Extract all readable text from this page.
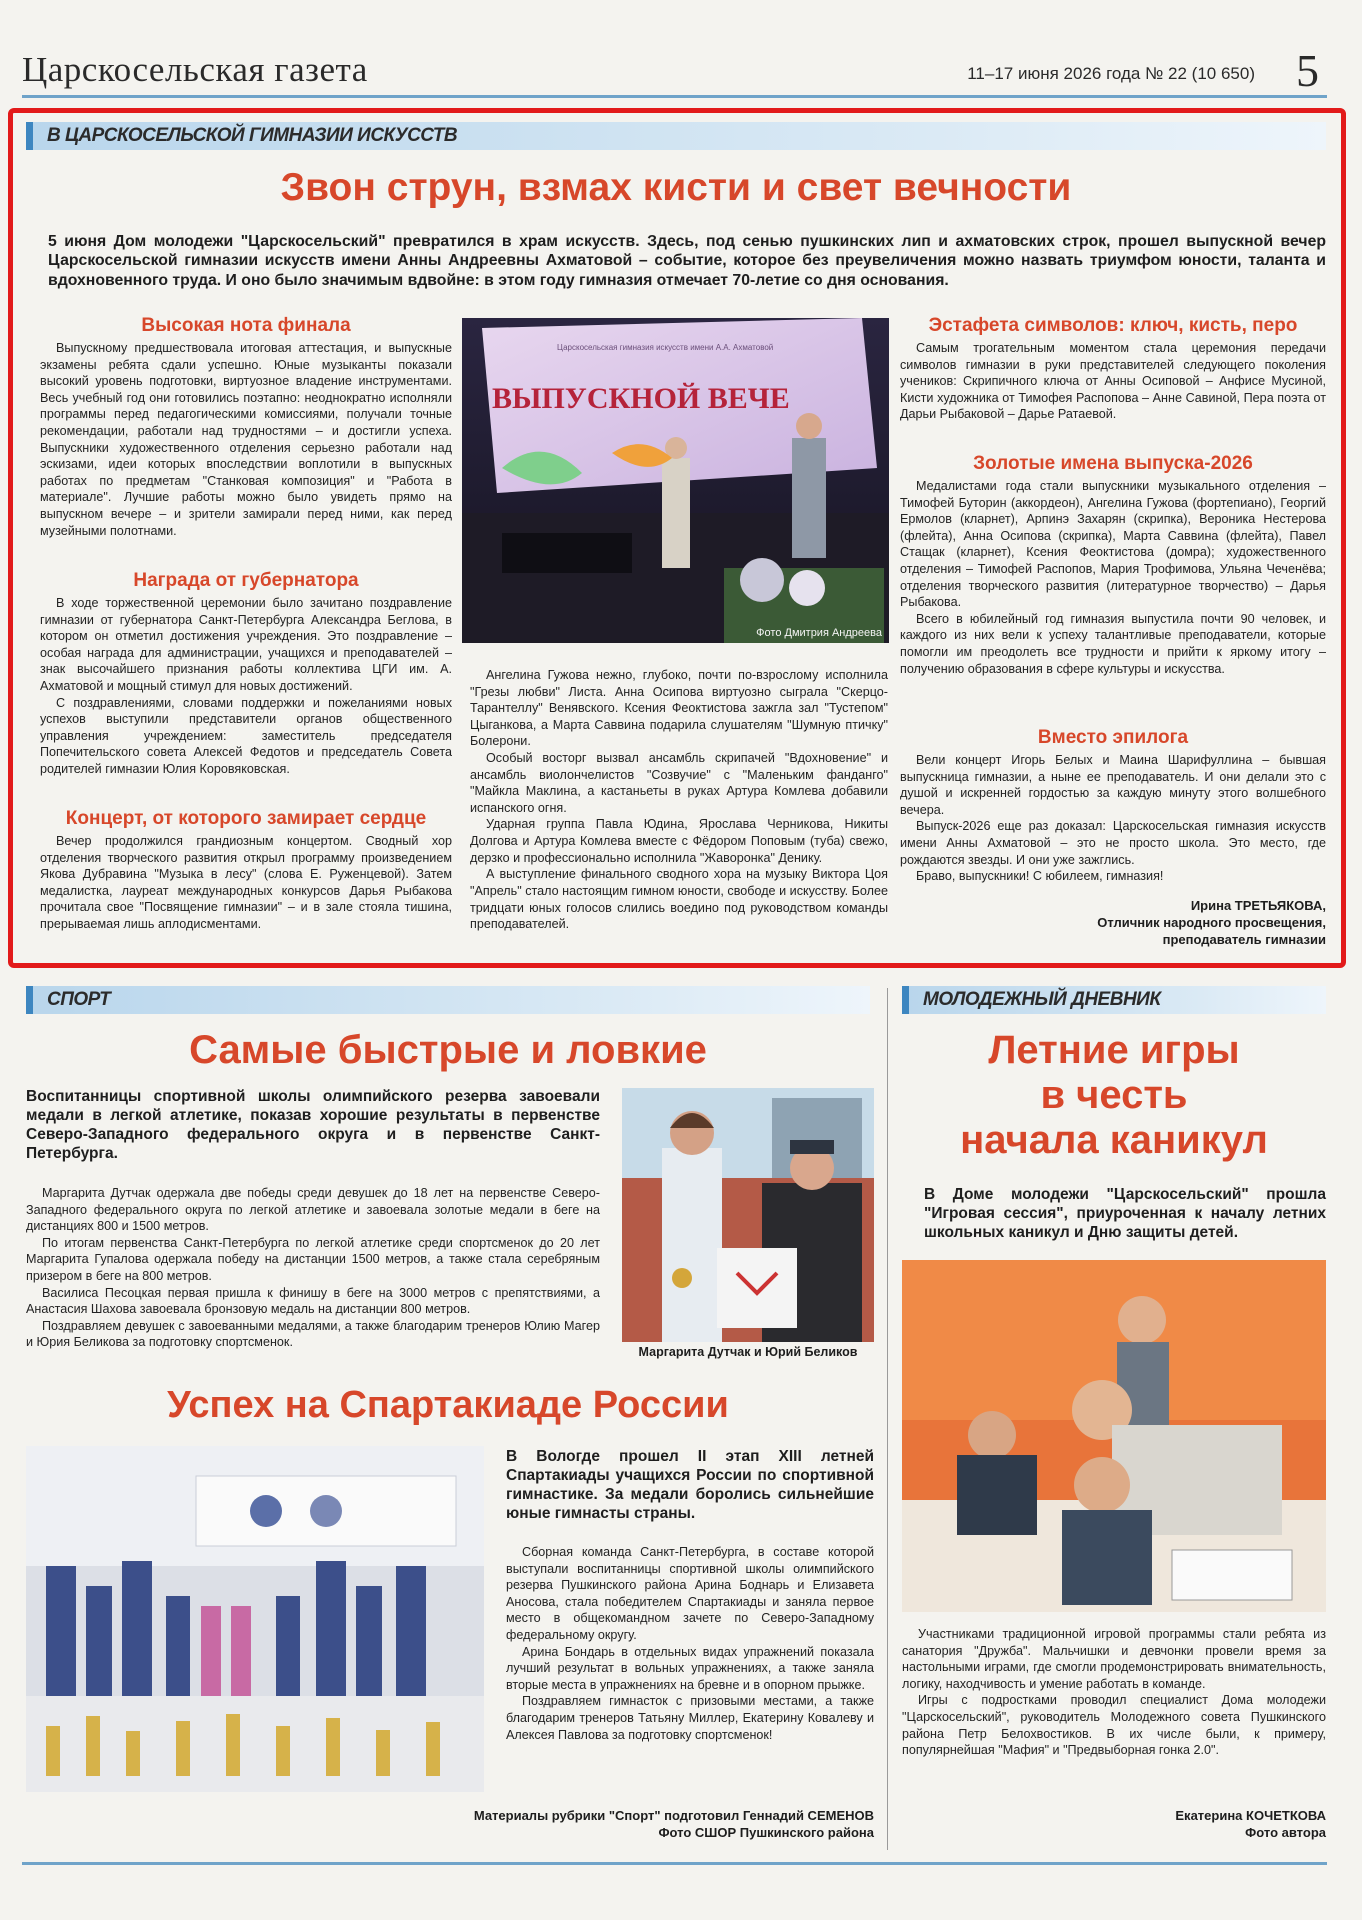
Царскосельская газета	11–17 июня 2026 года № 22 (10 650) 5
В ЦАРСКОСЕЛЬСКОЙ ГИМНАЗИИ ИСКУССТВ
Звон струн, взмах кисти и свет вечности
5 июня Дом молодежи "Царскосельский" превратился в храм искусств. Здесь, под сенью пушкинских лип и ахматовских строк, прошел выпускной вечер Царскосельской гимназии искусств имени Анны Андреевны Ахматовой – событие, которое без преувеличения можно назвать триумфом юности, таланта и вдохновенного труда. И оно было значимым вдвойне: в этом году гимназия отмечает 70-летие со дня основания.
Высокая нота финала

Выпускному предшествовала итоговая аттестация, и выпускные экзамены ребята сдали успешно. Юные музыканты показали высокий уровень подготовки, виртуозное владение инструментами. Весь учебный год они готовились поэтапно: неоднократно исполняли программы перед педагогическими комиссиями, получали точные рекомендации, работали над трудностями – и достигли успеха. Выпускники художественного отделения серьезно работали над эскизами, идеи которых впоследствии воплотили в выпускных работах по предметам "Станковая композиция" и "Работа в материале". Лучшие работы можно было увидеть прямо на выпускном вечере – и зрители замирали перед ними, как перед музейными полотнами.

Награда от губернатора

В ходе торжественной церемонии было зачитано поздравление гимназии от губернатора Санкт-Петербурга Александра Беглова, в котором он отметил достижения учреждения. Это поздравление – особая награда для администрации, учащихся и преподавателей – знак высочайшего признания работы коллектива ЦГИ им. А. Ахматовой и мощный стимул для новых достижений.

С поздравлениями, словами поддержки и пожеланиями новых успехов выступили представители органов общественного управления учреждением: заместитель председателя Попечительского совета Алексей Федотов и председатель Совета родителей гимназии Юлия Коровяковская.

Концерт, от которого замирает сердце

Вечер продолжился грандиозным концертом. Сводный хор отделения творческого развития открыл программу произведением Якова Дубравина "Музыка в лесу" (слова Е. Руженцевой). Затем медалистка, лауреат международных конкурсов Дарья Рыбакова прочитала свое "Посвящение гимназии" – и в зале стояла тишина, прерываемая лишь аплодисментами.

ВЫПУСКНОЙ ВЕЧЕ
Царскосельская гимназия искусств имени А.А. Ахматовой
Фото Дмитрия Андреева

Ангелина Гужова нежно, глубоко, почти по-взрослому исполнила "Грезы любви" Листа. Анна Осипова виртуозно сыграла "Скерцо-Тарантеллу" Венявского. Ксения Феоктистова зажгла зал "Тустепом" Цыганкова, а Марта Саввина подарила слушателям "Шумную птичку" Болерони.

Особый восторг вызвал ансамбль скрипачей "Вдохновение" и ансамбль виолончелистов "Созвучие" с "Маленьким фанданго" "Майкла Маклина, а кастаньеты в руках Артура Комлева добавили испанского огня.

Ударная группа Павла Юдина, Ярослава Черникова, Никиты Долгова и Артура Комлева вместе с Фёдором Поповым (туба) свежо, дерзко и профессионально исполнила "Жаворонка" Денику.

А выступление финального сводного хора на музыку Виктора Цоя "Апрель" стало настоящим гимном юности, свободе и искусству. Более тридцати юных голосов слились воедино под руководством команды преподавателей.

Эстафета символов: ключ, кисть, перо

Самым трогательным моментом стала церемония передачи символов гимназии в руки представителей следующего поколения учеников: Скрипичного ключа от Анны Осиповой – Анфисе Мусиной, Кисти художника от Тимофея Распопова – Анне Савиной, Пера поэта от Дарьи Рыбаковой – Дарье Ратаевой.

Золотые имена выпуска-2026

Медалистами года стали выпускники музыкального отделения – Тимофей Буторин (аккордеон), Ангелина Гужова (фортепиано), Георгий Ермолов (кларнет), Арпинэ Захарян (скрипка), Вероника Нестерова (флейта), Анна Осипова (скрипка), Марта Саввина (флейта), Павел Стащак (кларнет), Ксения Феоктистова (домра); художественного отделения – Тимофей Распопов, Мария Трофимова, Ульяна Чеченёва; отделения творческого развития (литературное творчество) – Дарья Рыбакова.

Всего в юбилейный год гимназия выпустила почти 90 человек, и каждого из них вели к успеху талантливые преподаватели, которые помогли им преодолеть все трудности и прийти к яркому итогу – получению образования в сфере культуры и искусства.

Вместо эпилога

Вели концерт Игорь Белых и Маина Шарифуллина – бывшая выпускница гимназии, а ныне ее преподаватель. И они делали это с душой и искренней гордостью за каждую минуту этого волшебного вечера.

Выпуск-2026 еще раз доказал: Царскосельская гимназия искусств имени Анны Ахматовой – это не просто школа. Это место, где рождаются звезды. И они уже зажглись.

Браво, выпускники! С юбилеем, гимназия!

Ирина ТРЕТЬЯКОВА,
Отличник народного просвещения,
преподаватель гимназии
СПОРТ
Самые быстрые и ловкие
Воспитанницы спортивной школы олимпийского резерва завоевали медали в легкой атлетике, показав хорошие результаты в первенстве Северо-Западного федерального округа и в первенстве Санкт-Петербурга.

Маргарита Дутчак одержала две победы среди девушек до 18 лет на первенстве Северо-Западного федерального округа по легкой атлетике и завоевала золотые медали в беге на дистанциях 800 и 1500 метров.

По итогам первенства Санкт-Петербурга по легкой атлетике среди спортсменок до 20 лет Маргарита Гупалова одержала победу на дистанции 1500 метров, а также стала серебряным призером в беге на 800 метров.

Василиса Песоцкая первая пришла к финишу в беге на 3000 метров с препятствиями, а Анастасия Шахова завоевала бронзовую медаль на дистанции 800 метров.

Поздравляем девушек с завоеванными медалями, а также благодарим тренеров Юлию Магер и Юрия Беликова за подготовку спортсменок.

Маргарита Дутчак и Юрий Беликов
Успех на Спартакиаде России
В Вологде прошел II этап XIII летней Спартакиады учащихся России по спортивной гимнастике. За медали боролись сильнейшие юные гимнасты страны.

Сборная команда Санкт-Петербурга, в составе которой выступали воспитанницы спортивной школы олимпийского резерва Пушкинского района Арина Боднарь и Елизавета Аносова, стала победителем Спартакиады и заняла первое место в общекомандном зачете по Северо-Западному федеральному округу.

Арина Бондарь в отдельных видах упражнений показала лучший результат в вольных упражнениях, а также заняла вторые места в упражнениях на бревне и в опорном прыжке.

Поздравляем гимнасток с призовыми местами, а также благодарим тренеров Татьяну Миллер, Екатерину Ковалеву и Алексея Павлова за подготовку спортсменок!

Материалы рубрики "Спорт" подготовил Геннадий СЕМЕНОВ
Фото СШОР Пушкинского района
МОЛОДЕЖНЫЙ ДНЕВНИК
Летние игры
в честь
начала каникул
В Доме молодежи "Царскосельский" прошла "Игровая сессия", приуроченная к началу летних школьных каникул и Дню защиты детей.

Участниками традиционной игровой программы стали ребята из санатория "Дружба". Мальчишки и девчонки провели время за настольными играми, где смогли продемонстрировать внимательность, логику, находчивость и умение работать в команде.

Игры с подростками проводил специалист Дома молодежи "Царскосельский", руководитель Молодежного совета Пушкинского района Петр Белохвостиков. В их числе были, к примеру, популярнейшая "Мафия" и "Предвыборная гонка 2.0".

Екатерина КОЧЕТКОВА
Фото автора
